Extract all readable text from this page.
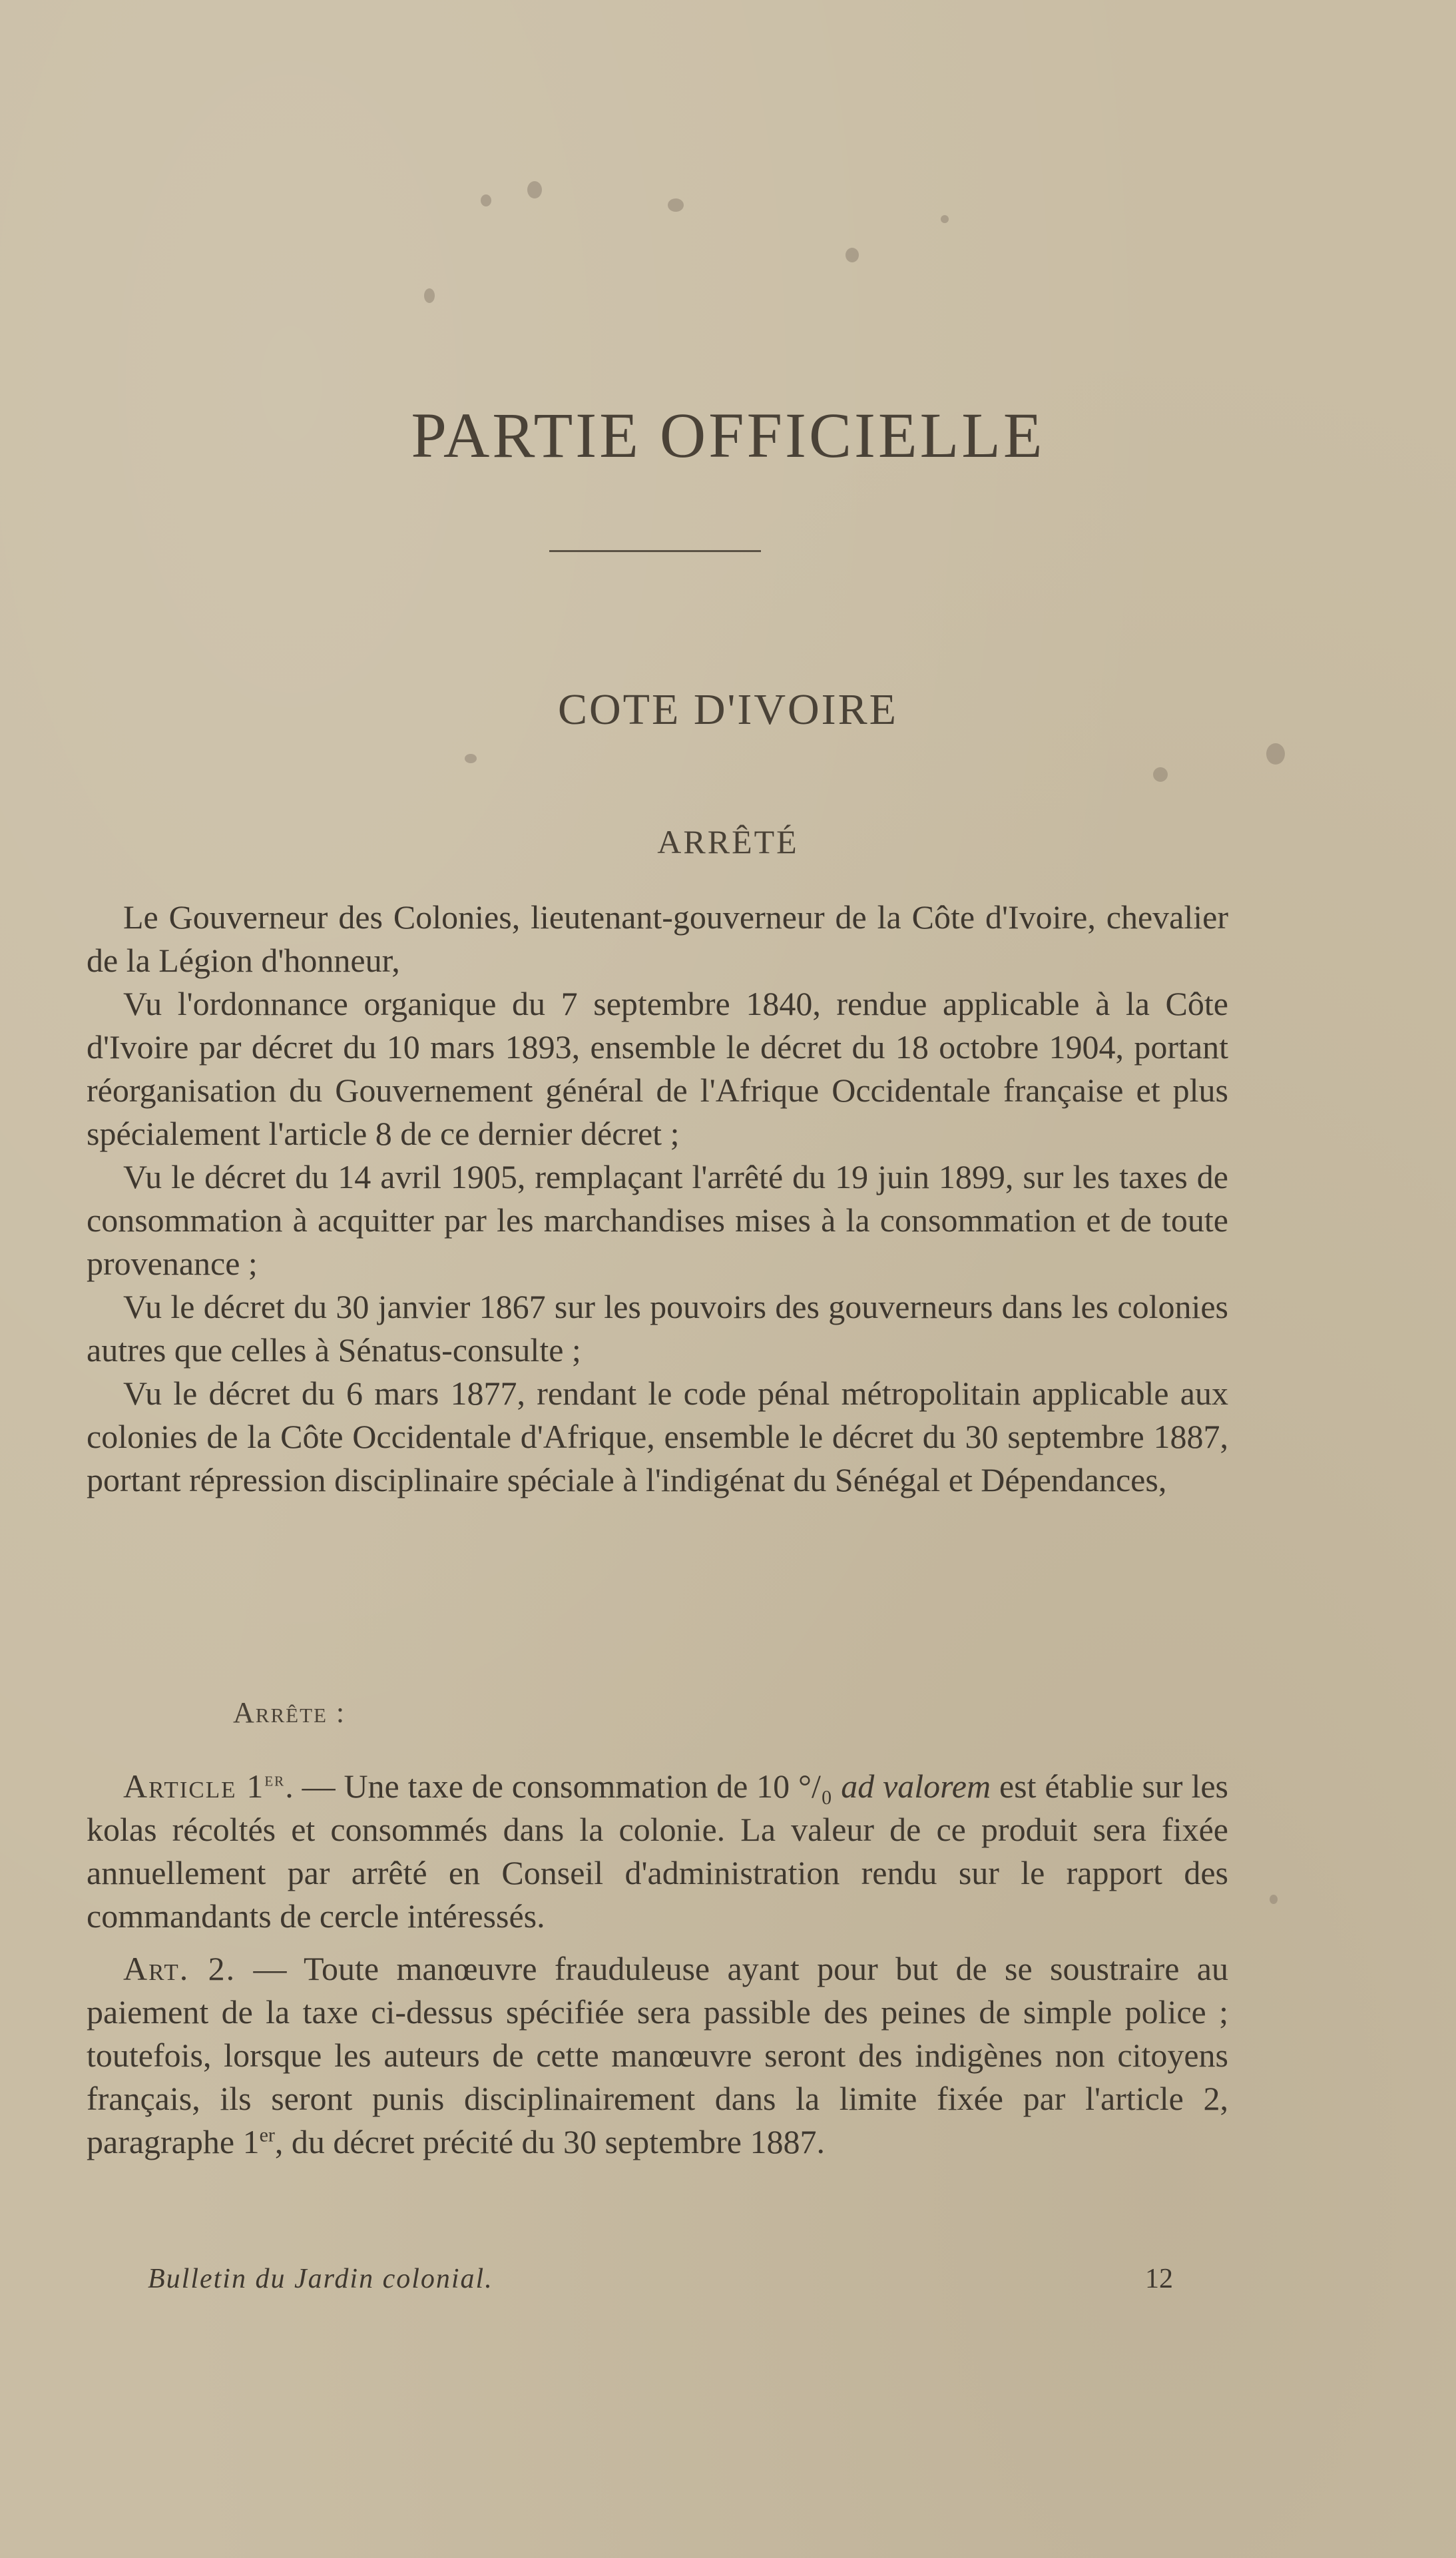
PARTIE OFFICIELLE
COTE D'IVOIRE
ARRÊTÉ

Le Gouverneur des Colonies, lieutenant-gouverneur de la Côte d'Ivoire, chevalier de la Légion d'honneur,

Vu l'ordonnance organique du 7 septembre 1840, rendue applicable à la Côte d'Ivoire par décret du 10 mars 1893, ensemble le décret du 18 octobre 1904, portant réorganisation du Gouvernement général de l'Afrique Occidentale française et plus spécialement l'article 8 de ce dernier décret ;

Vu le décret du 14 avril 1905, remplaçant l'arrêté du 19 juin 1899, sur les taxes de consommation à acquitter par les marchandises mises à la consommation et de toute provenance ;

Vu le décret du 30 janvier 1867 sur les pouvoirs des gouverneurs dans les colonies autres que celles à Sénatus-consulte ;

Vu le décret du 6 mars 1877, rendant le code pénal métropolitain applicable aux colonies de la Côte Occidentale d'Afrique, ensemble le décret du 30 septembre 1887, portant répression disciplinaire spéciale à l'indigénat du Sénégal et Dépendances,

Arrête :

Article 1er. — Une taxe de consommation de 10 °/₀ ad valorem est établie sur les kolas récoltés et consommés dans la colonie. La valeur de ce produit sera fixée annuellement par arrêté en Conseil d'administration rendu sur le rapport des commandants de cercle intéressés.

Art. 2. — Toute manœuvre frauduleuse ayant pour but de se soustraire au paiement de la taxe ci-dessus spécifiée sera passible des peines de simple police ; toutefois, lorsque les auteurs de cette manœuvre seront des indigènes non citoyens français, ils seront punis disciplinairement dans la limite fixée par l'article 2, paragraphe 1er, du décret précité du 30 septembre 1887.

Bulletin du Jardin colonial.	12
